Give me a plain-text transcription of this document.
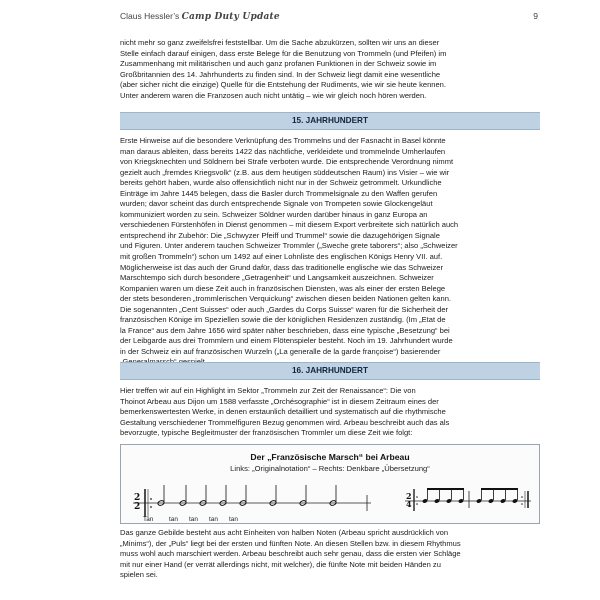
Claus Hessler’s Camp Duty Update	9
nicht mehr so ganz zweifelsfrei feststellbar. Um die Sache abzukürzen, sollten wir uns an dieser
Stelle einfach darauf einigen, dass erste Belege für die Benutzung von Trommeln (und Pfeifen) im
Zusammenhang mit militärischen und auch ganz profanen Funktionen in der Schweiz sowie im
Großbritannien des 14. Jahrhunderts zu finden sind. In der Schweiz liegt damit eine wesentliche
(aber sicher nicht die einzige) Quelle für die Entstehung der Rudiments, wie wir sie heute kennen.
Unter anderem waren die Franzosen auch nicht untätig – wie wir gleich noch hören werden.
15. JAHRHUNDERT
Erste Hinweise auf die besondere Verknüpfung des Trommelns und der Fasnacht in Basel könnte
man daraus ableiten, dass bereits 1422 das nächtliche, verkleidete und trommelnde Umherlaufen
von Kriegsknechten und Söldnern bei Strafe verboten wurde. Die entsprechende Verordnung nimmt
gezielt auch „fremdes Kriegsvolk“ (z.B. aus dem heutigen süddeutschen Raum) ins Visier – wie wir
bereits gehört haben, wurde also offensichtlich nicht nur in der Schweiz getrommelt. Urkundliche
Einträge im Jahre 1445 belegen, dass die Basler durch Trommelsignale zu den Waffen gerufen
wurden; davor scheint das durch entsprechende Signale von Trompeten sowie Glockengeläut
kommuniziert worden zu sein. Schweizer Söldner wurden darüber hinaus in ganz Europa an
verschiedenen Fürstenhöfen in Dienst genommen – mit diesem Export verbreitete sich natürlich auch
entsprechend ihr Zubehör: Die „Schwyzer Pfeiff und Trummel“ sowie die dazugehörigen Signale
und Figuren. Unter anderem tauchen Schweizer Trommler („Sweche grete taborers“; also „Schweizer
mit großen Trommeln“) schon um 1492 auf einer Lohnliste des englischen Königs Henry VII. auf.
Möglicherweise ist das auch der Grund dafür, dass das traditionelle englische wie das Schweizer
Marschtempo sich durch besondere „Getragenheit“ und Langsamkeit auszeichnen. Schweizer
Kompanien waren um diese Zeit auch in französischen Diensten, was als einer der ersten Belege
der stets besonderen „trommlerischen Verquickung“ zwischen diesen beiden Nationen gelten kann.
Die sogenannten „Cent Suisses“ oder auch „Gardes du Corps Suisse“ waren für die Sicherheit der
französischen Könige im Speziellen sowie die der königlichen Residenzen zuständig. (Im „Etat de
la France“ aus dem Jahre 1656 wird später näher beschrieben, dass eine typische „Besetzung“ bei
der Leibgarde aus drei Trommlern und einem Flötenspieler besteht. Noch im 19. Jahrhundert wurde
in der Schweiz ein auf französischen Wurzeln („La generalle de la garde françoise“) basierender
16. JAHRHUNDERT
Hier treffen wir auf ein Highlight im Sektor „Trommeln zur Zeit der Renaissance“: Die von
Thoinot Arbeau aus Dijon um 1588 verfasste „Orchésographie“ ist in diesem Zeitraum eines der
bemerkenswertesten Werke, in denen erstaunlich detailliert und systematisch auf die rhythmische
Gestaltung verschiedener Trommelfiguren Bezug genommen wird. Arbeau beschreibt auch das als
bevorzugte, typische Begleitmuster der französischen Trommler um diese Zeit wie folgt:
Der „Französische Marsch“ bei Arbeau
Links: „Originalnotation“ – Rechts: Denkbare „Übersetzung“
2
2
Tan tan tan tan tan
2
4
Das ganze Gebilde besteht aus acht Einheiten von halben Noten (Arbeau spricht ausdrücklich von
„Minims“), der „Puls“ liegt bei der ersten und fünften Note. An diesen Stellen bzw. in diesem Rhythmus
muss wohl auch marschiert werden. Arbeau beschreibt auch sehr genau, dass die ersten vier Schläge
mit nur einer Hand (er verrät allerdings nicht, mit welcher), die fünfte Note mit beiden Händen zu
spielen sei.
